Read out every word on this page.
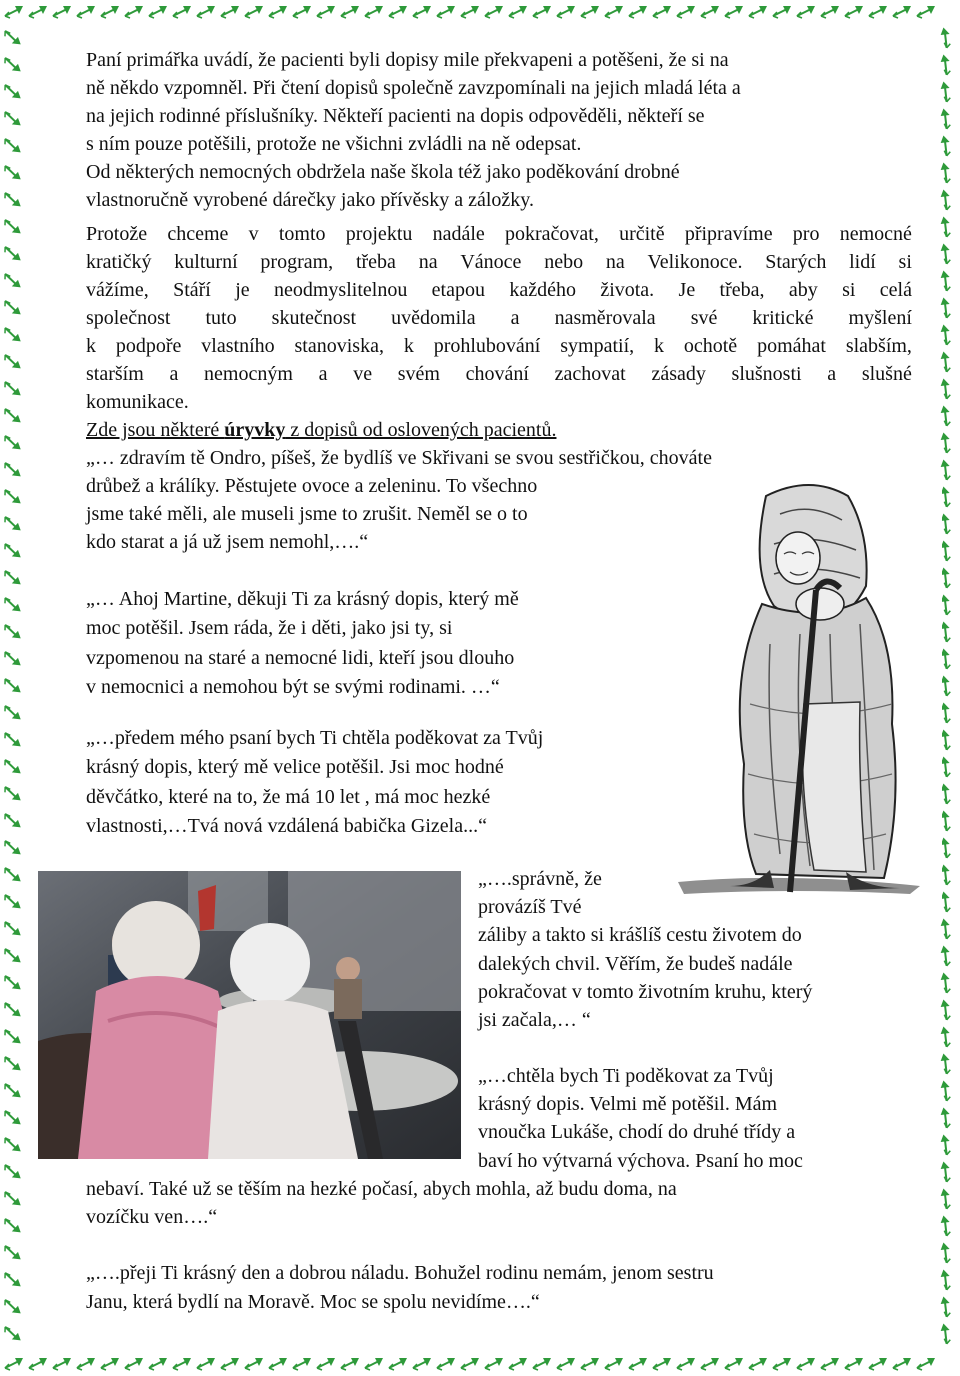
Paní primářka uvádí, že pacienti byli dopisy mile překvapeni a potěšeni, že si na
ně někdo vzpomněl. Při čtení dopisů společně zavzpomínali na jejich mladá léta a
na jejich rodinné příslušníky. Někteří pacienti na dopis odpověděli, někteří se
s ním pouze potěšili, protože ne všichni zvládli na ně odepsat.
Od některých nemocných obdržela naše škola též jako poděkování drobné
vlastnoručně vyrobené dárečky jako přívěsky a záložky.
Protože chceme v tomto projektu nadále pokračovat, určitě připravíme pro nemocné
kratičký kulturní program, třeba na Vánoce nebo na Velikonoce. Starých lidí si
vážíme, Stáří je neodmyslitelnou etapou každého života. Je třeba, aby si celá
společnost tuto skutečnost uvědomila a nasměrovala své kritické myšlení
k podpoře vlastního stanoviska, k prohlubování sympatií, k ochotě pomáhat slabším,
starším a nemocným a ve svém chování zachovat zásady slušnosti a slušné
komunikace.
Zde jsou některé úryvky z dopisů od oslovených pacientů.
„… zdravím tě Ondro, píšeš, že bydlíš ve Skřivani se svou sestřičkou, chováte
drůbež a králíky. Pěstujete ovoce a zeleninu. To všechno
jsme také měli, ale museli jsme to zrušit. Neměl se o to
kdo starat a já už jsem nemohl,….“
„… Ahoj Martine, děkuji Ti za krásný dopis, který mě
moc potěšil. Jsem ráda, že i děti, jako jsi ty, si
vzpomenou na staré a nemocné lidi, kteří jsou dlouho
v nemocnici a nemohou být se svými rodinami. …“
„…předem mého psaní bych Ti chtěla poděkovat za Tvůj
krásný dopis, který mě velice potěšil. Jsi moc hodné
děvčátko, které na to, že má 10 let , má moc hezké
vlastnosti,…Tvá nová vzdálená babička Gizela...“
„….správně, že
provázíš Tvé
záliby a takto si krášlíš cestu životem do
dalekých chvil. Věřím, že budeš nadále
pokračovat v tomto životním kruhu, který
jsi začala,… “
„…chtěla bych Ti poděkovat za Tvůj
krásný dopis. Velmi mě potěšil. Mám
vnoučka Lukáše, chodí do druhé třídy a
baví ho výtvarná výchova. Psaní ho moc
nebaví. Také už se těším na hezké počasí, abych mohla, až budu doma, na
vozíčku ven….“
„….přeji Ti krásný den a dobrou náladu. Bohužel rodinu nemám, jenom sestru
Janu, která bydlí na Moravě. Moc se spolu nevidíme….“
